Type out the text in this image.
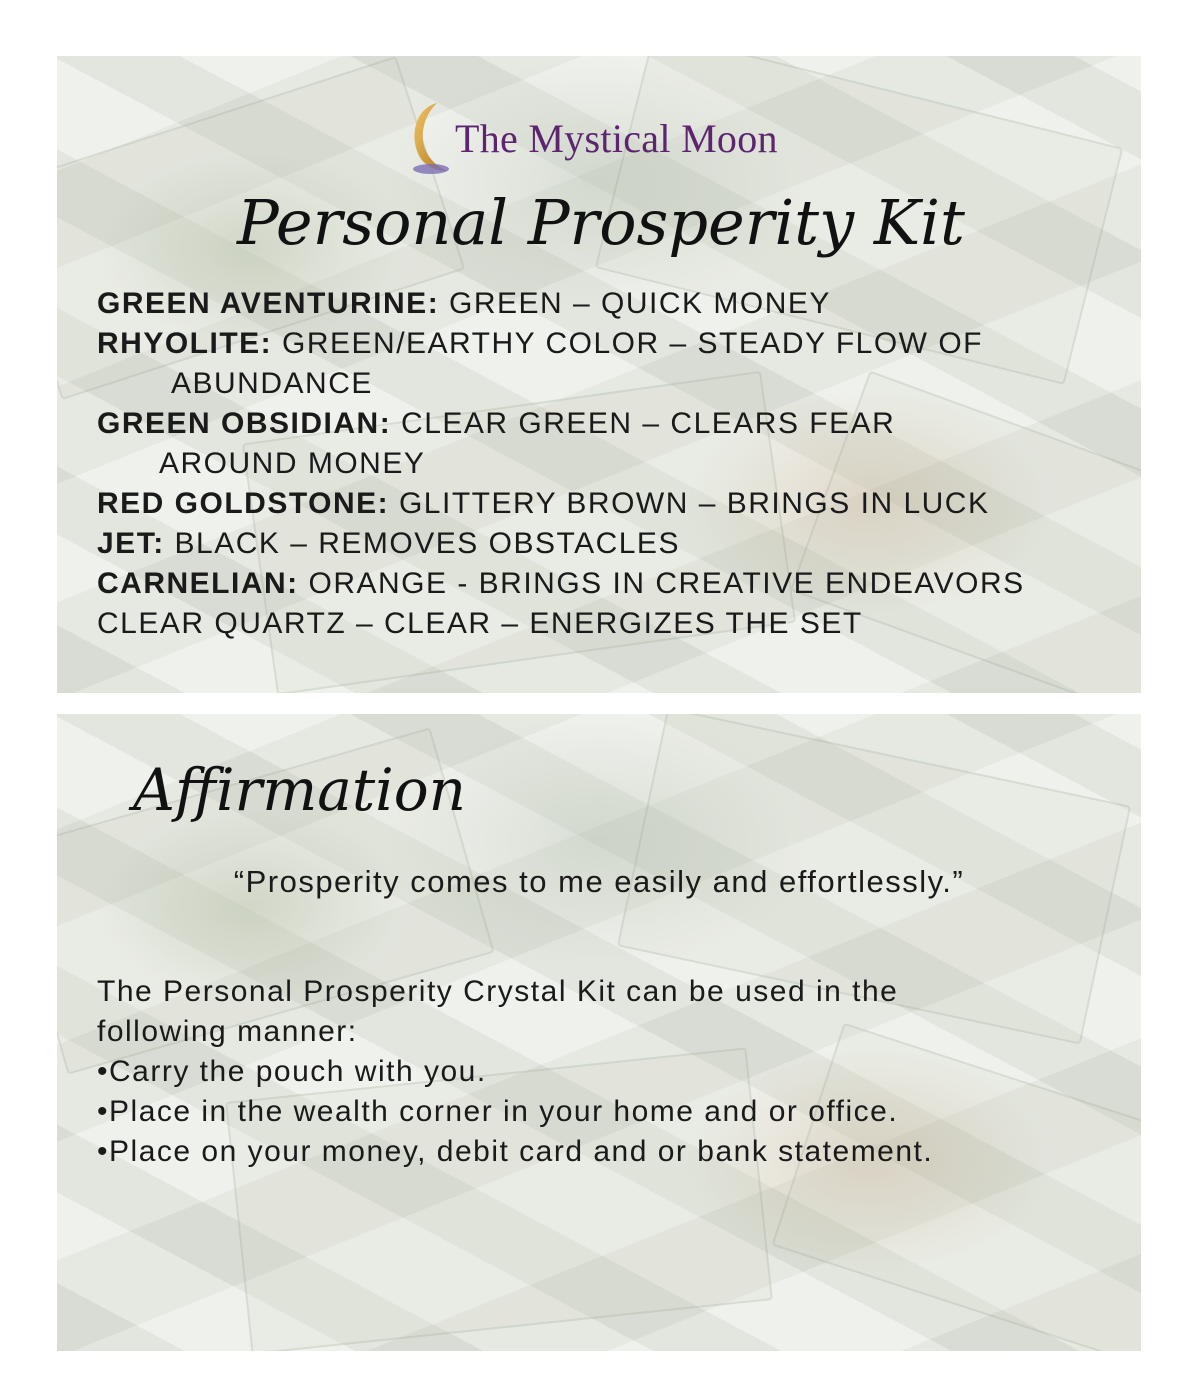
The Mystical Moon
Personal Prosperity Kit
GREEN AVENTURINE: GREEN – QUICK MONEY
RHYOLITE: GREEN/EARTHY COLOR – STEADY FLOW OF
ABUNDANCE
GREEN OBSIDIAN: CLEAR GREEN – CLEARS FEAR
AROUND MONEY
RED GOLDSTONE: GLITTERY BROWN – BRINGS IN LUCK
JET: BLACK – REMOVES OBSTACLES
CARNELIAN: ORANGE - BRINGS IN CREATIVE ENDEAVORS
CLEAR QUARTZ – CLEAR – ENERGIZES THE SET
Affirmation
“Prosperity comes to me easily and effortlessly.”

The Personal Prosperity Crystal Kit can be used in the following manner:

• Carry the pouch with you.
• Place in the wealth corner in your home and or office.
• Place on your money, debit card and or bank statement.
